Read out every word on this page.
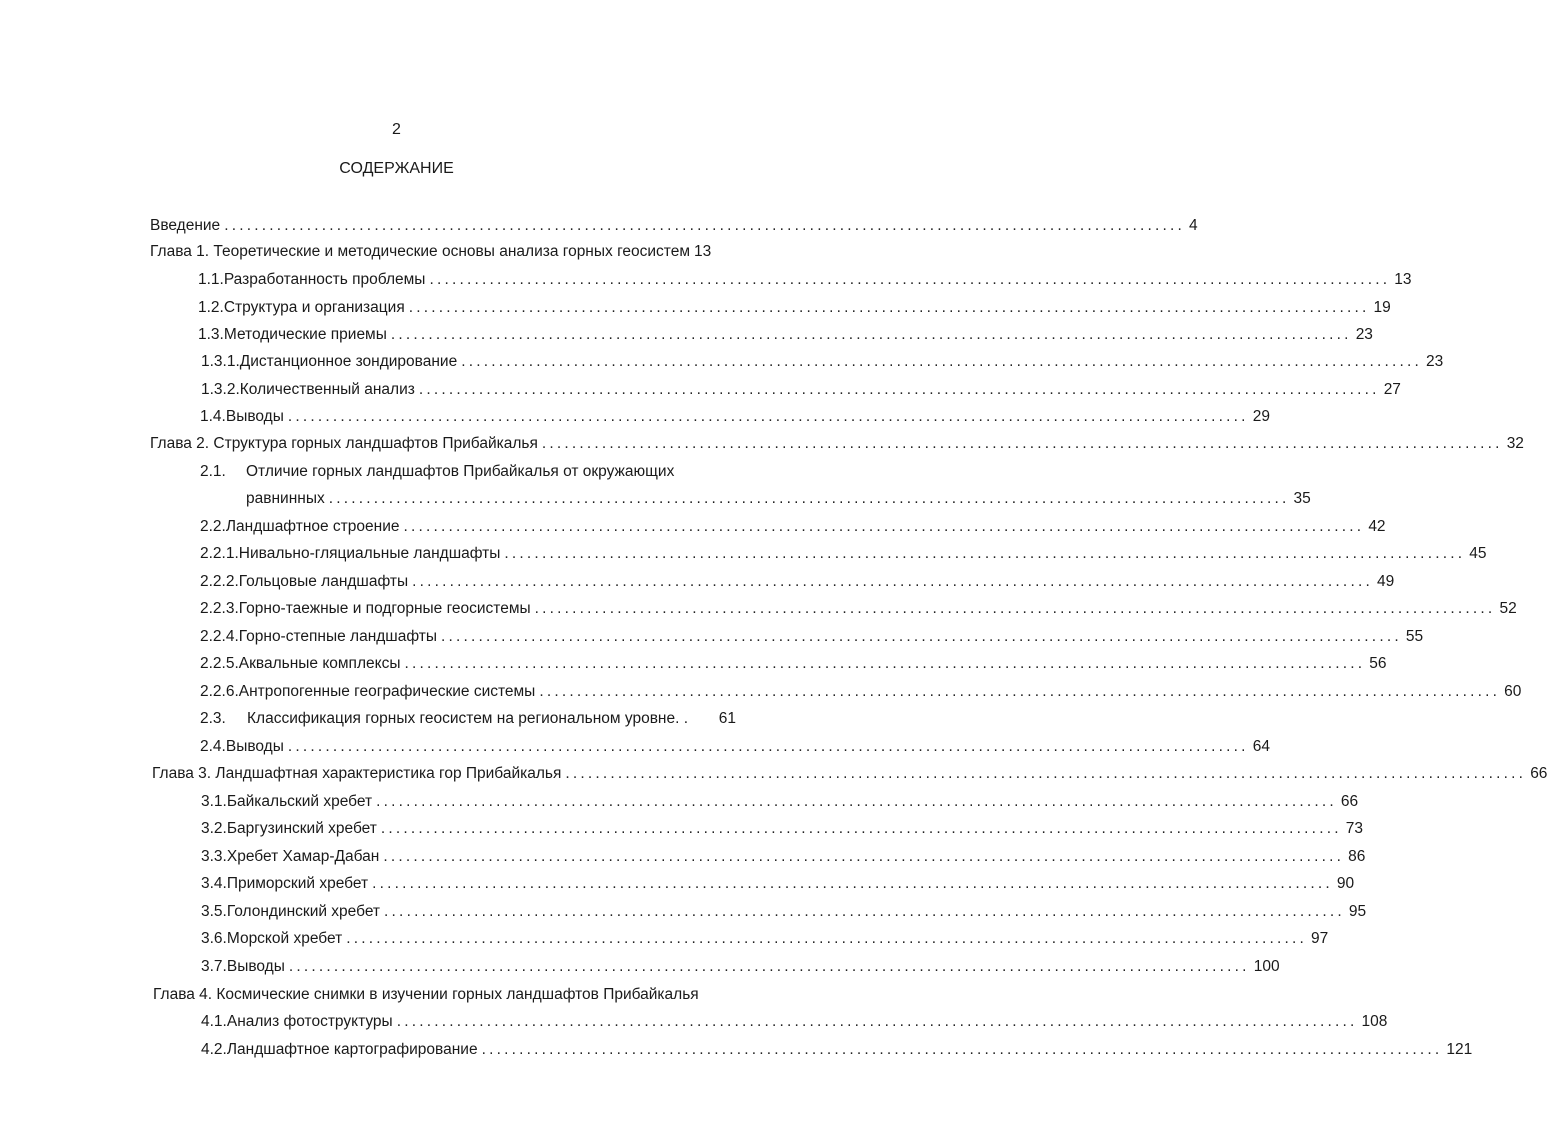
2
СОДЕРЖАНИЕ
Введение ................................................................................................................................ 4
Глава 1. Теоретические и методические основы анализа горных геосистем 13
1.1. Разработанность проблемы ................................................................................................................................ 13
1.2. Структура и организация ................................................................................................................................ 19
1.3. Методические приемы ................................................................................................................................ 23
1.3.1. Дистанционное зондирование ................................................................................................................................ 23
1.3.2. Количественный анализ ................................................................................................................................ 27
1.4. Выводы ................................................................................................................................ 29
Глава 2. Структура горных ландшафтов Прибайкалья ................................................................................................................................ 32
2.1.	Отличие горных ландшафтов Прибайкалья от окружающих
равнинных ................................................................................................................................ 35
2.2. Ландшафтное строение ................................................................................................................................ 42
2.2.1. Нивально-гляциальные ландшафты ................................................................................................................................ 45
2.2.2. Гольцовые ландшафты ................................................................................................................................ 49
2.2.3. Горно-таежные и подгорные геосистемы ................................................................................................................................ 52
2.2.4. Горно-степные ландшафты ................................................................................................................................ 55
2.2.5. Аквальные комплексы ................................................................................................................................ 56
2.2.6. Антропогенные географические системы ................................................................................................................................ 60
2.3.	Классификация горных геосистем на региональном уровне. . 61
2.4. Выводы ................................................................................................................................ 64
Глава 3. Ландшафтная характеристика гор Прибайкалья ................................................................................................................................ 66
3.1. Байкальский хребет ................................................................................................................................ 66
3.2. Баргузинский хребет ................................................................................................................................ 73
3.3. Хребет Хамар-Дабан ................................................................................................................................ 86
3.4. Приморский хребет ................................................................................................................................ 90
3.5. Голондинский хребет ................................................................................................................................ 95
3.6. Морской хребет ................................................................................................................................ 97
3.7. Выводы ................................................................................................................................ 100
Глава 4. Космические снимки в изучении горных ландшафтов Прибайкалья
4.1. Анализ фотоструктуры ................................................................................................................................ 108
4.2. Ландшафтное картографирование ................................................................................................................................ 121
